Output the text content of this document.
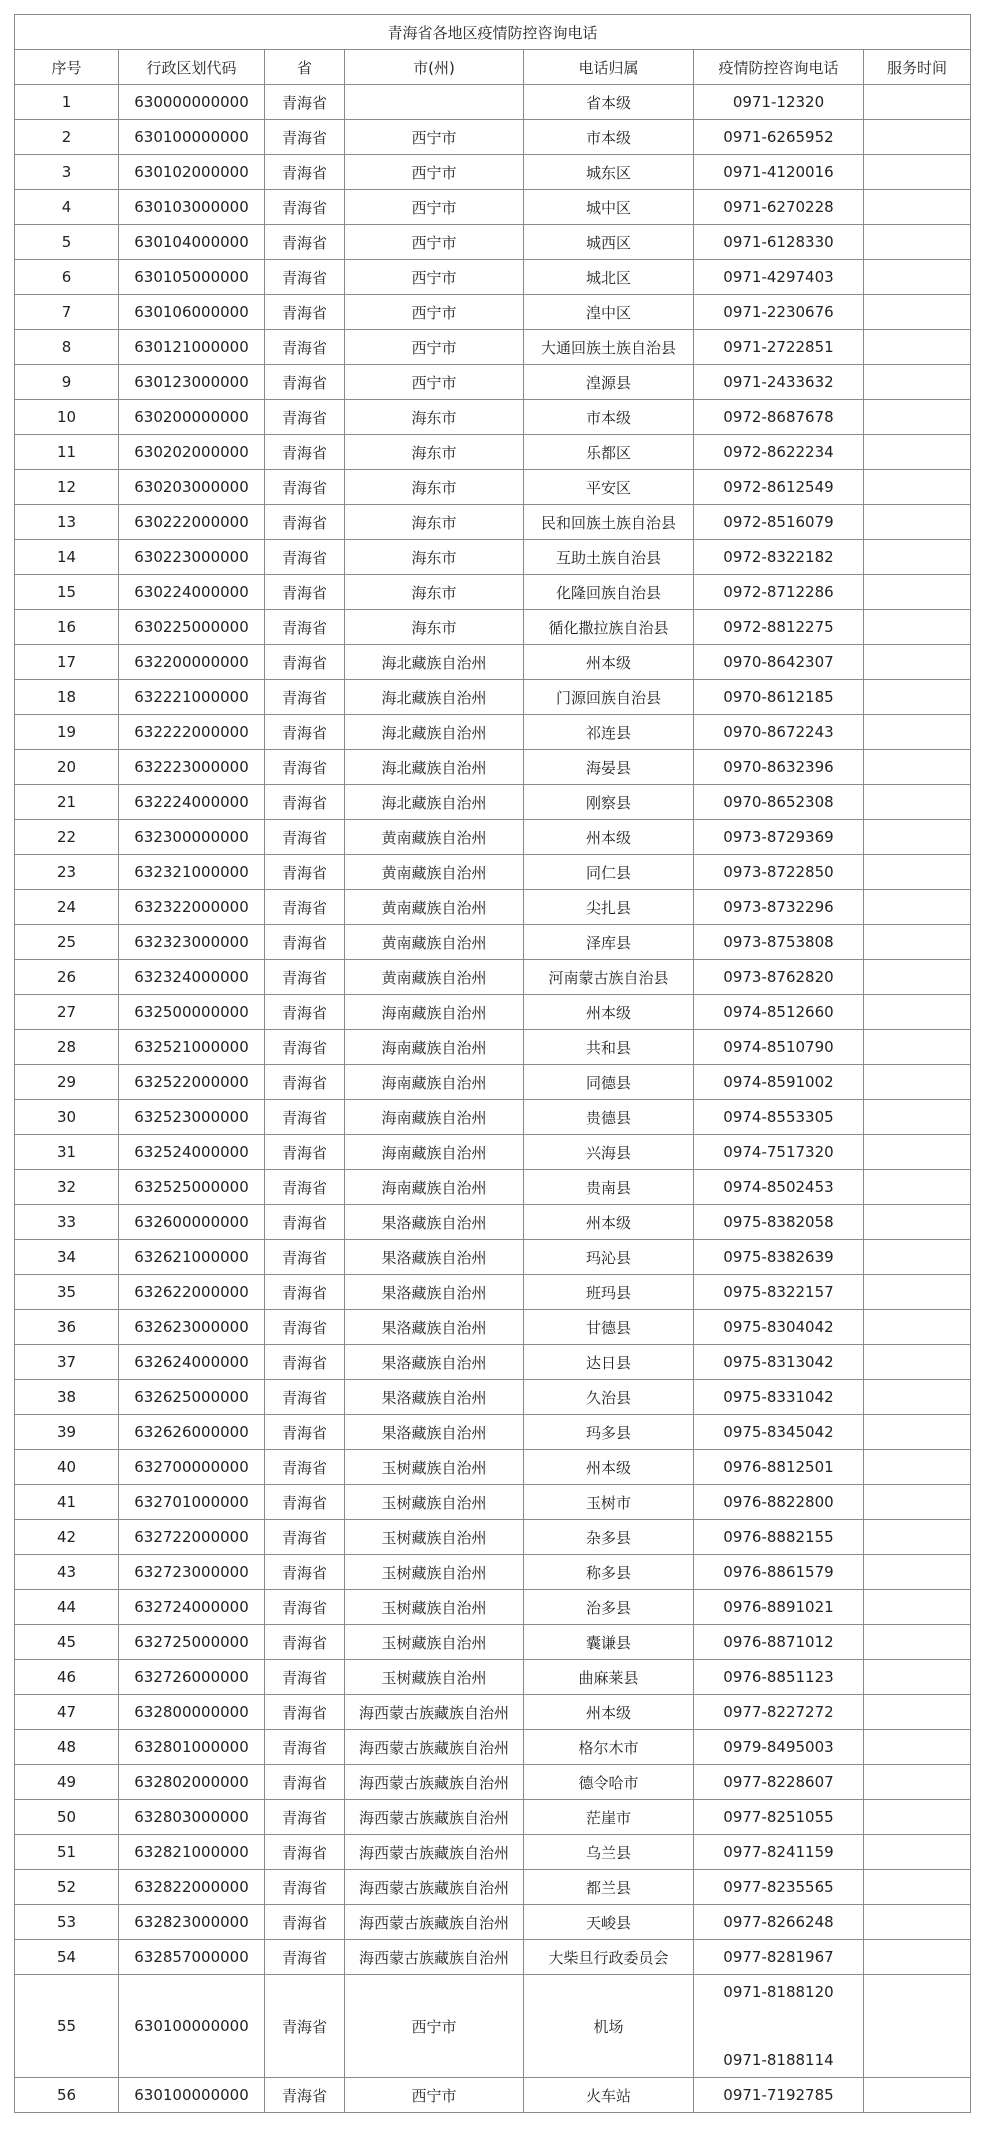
青海省各地区疫情防控咨询电话						
序号	行政区划代码	省	市(州)	电话归属	疫情防控咨询电话	服务时间
1	630000000000	青海省		省本级	0971-12320	
2	630100000000	青海省	西宁市	市本级	0971-6265952	
3	630102000000	青海省	西宁市	城东区	0971-4120016	
4	630103000000	青海省	西宁市	城中区	0971-6270228	
5	630104000000	青海省	西宁市	城西区	0971-6128330	
6	630105000000	青海省	西宁市	城北区	0971-4297403	
7	630106000000	青海省	西宁市	湟中区	0971-2230676	
8	630121000000	青海省	西宁市	大通回族土族自治县	0971-2722851	
9	630123000000	青海省	西宁市	湟源县	0971-2433632	
10	630200000000	青海省	海东市	市本级	0972-8687678	
11	630202000000	青海省	海东市	乐都区	0972-8622234	
12	630203000000	青海省	海东市	平安区	0972-8612549	
13	630222000000	青海省	海东市	民和回族土族自治县	0972-8516079	
14	630223000000	青海省	海东市	互助土族自治县	0972-8322182	
15	630224000000	青海省	海东市	化隆回族自治县	0972-8712286	
16	630225000000	青海省	海东市	循化撒拉族自治县	0972-8812275	
17	632200000000	青海省	海北藏族自治州	州本级	0970-8642307	
18	632221000000	青海省	海北藏族自治州	门源回族自治县	0970-8612185	
19	632222000000	青海省	海北藏族自治州	祁连县	0970-8672243	
20	632223000000	青海省	海北藏族自治州	海晏县	0970-8632396	
21	632224000000	青海省	海北藏族自治州	刚察县	0970-8652308	
22	632300000000	青海省	黄南藏族自治州	州本级	0973-8729369	
23	632321000000	青海省	黄南藏族自治州	同仁县	0973-8722850	
24	632322000000	青海省	黄南藏族自治州	尖扎县	0973-8732296	
25	632323000000	青海省	黄南藏族自治州	泽库县	0973-8753808	
26	632324000000	青海省	黄南藏族自治州	河南蒙古族自治县	0973-8762820	
27	632500000000	青海省	海南藏族自治州	州本级	0974-8512660	
28	632521000000	青海省	海南藏族自治州	共和县	0974-8510790	
29	632522000000	青海省	海南藏族自治州	同德县	0974-8591002	
30	632523000000	青海省	海南藏族自治州	贵德县	0974-8553305	
31	632524000000	青海省	海南藏族自治州	兴海县	0974-7517320	
32	632525000000	青海省	海南藏族自治州	贵南县	0974-8502453	
33	632600000000	青海省	果洛藏族自治州	州本级	0975-8382058	
34	632621000000	青海省	果洛藏族自治州	玛沁县	0975-8382639	
35	632622000000	青海省	果洛藏族自治州	班玛县	0975-8322157	
36	632623000000	青海省	果洛藏族自治州	甘德县	0975-8304042	
37	632624000000	青海省	果洛藏族自治州	达日县	0975-8313042	
38	632625000000	青海省	果洛藏族自治州	久治县	0975-8331042	
39	632626000000	青海省	果洛藏族自治州	玛多县	0975-8345042	
40	632700000000	青海省	玉树藏族自治州	州本级	0976-8812501	
41	632701000000	青海省	玉树藏族自治州	玉树市	0976-8822800	
42	632722000000	青海省	玉树藏族自治州	杂多县	0976-8882155	
43	632723000000	青海省	玉树藏族自治州	称多县	0976-8861579	
44	632724000000	青海省	玉树藏族自治州	治多县	0976-8891021	
45	632725000000	青海省	玉树藏族自治州	囊谦县	0976-8871012	
46	632726000000	青海省	玉树藏族自治州	曲麻莱县	0976-8851123	
47	632800000000	青海省	海西蒙古族藏族自治州	州本级	0977-8227272	
48	632801000000	青海省	海西蒙古族藏族自治州	格尔木市	0979-8495003	
49	632802000000	青海省	海西蒙古族藏族自治州	德令哈市	0977-8228607	
50	632803000000	青海省	海西蒙古族藏族自治州	茫崖市	0977-8251055	
51	632821000000	青海省	海西蒙古族藏族自治州	乌兰县	0977-8241159	
52	632822000000	青海省	海西蒙古族藏族自治州	都兰县	0977-8235565	
53	632823000000	青海省	海西蒙古族藏族自治州	天峻县	0977-8266248	
54	632857000000	青海省	海西蒙古族藏族自治州	大柴旦行政委员会	0977-8281967	
55	630100000000	青海省	西宁市	机场	0971-8188120
0971-8188114	

56	630100000000	青海省	西宁市	火车站	0971-7192785	
